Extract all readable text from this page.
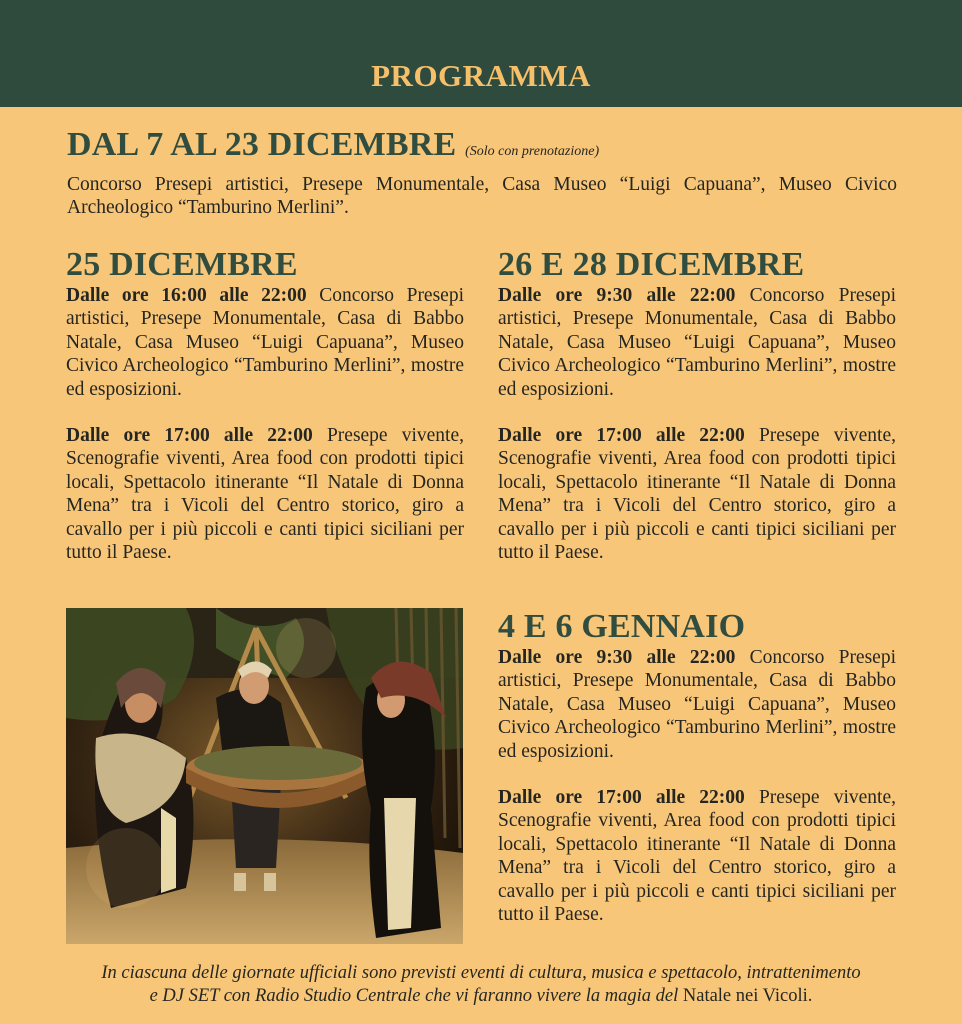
PROGRAMMA
DAL 7 AL 23 DICEMBRE (Solo con prenotazione)
Concorso Presepi artistici, Presepe Monumentale, Casa Museo “Luigi Capuana”, Museo Civico Archeologico “Tamburino Merlini”.
25 DICEMBRE
Dalle ore 16:00 alle 22:00 Concorso Presepi artistici, Presepe Monumentale, Casa di Babbo Natale, Casa Museo “Luigi Capuana”, Museo Civico Archeologico “Tamburino Merlini”, mostre ed esposizioni.
Dalle ore 17:00 alle 22:00 Presepe vivente, Scenografie viventi, Area food con prodotti tipici locali, Spettacolo itinerante “Il Natale di Donna Mena” tra i Vicoli del Centro storico, giro a cavallo per i più piccoli e canti tipici siciliani per tutto il Paese.
26 E 28 DICEMBRE
Dalle ore 9:30 alle 22:00 Concorso Presepi artistici, Presepe Monumentale, Casa di Babbo Natale, Casa Museo “Luigi Capuana”, Museo Civico Archeologico “Tamburino Merlini”, mostre ed esposizioni.
Dalle ore 17:00 alle 22:00 Presepe vivente, Scenografie viventi, Area food con prodotti tipici locali, Spettacolo itinerante “Il Natale di Donna Mena” tra i Vicoli del Centro storico, giro a cavallo per i più piccoli e canti tipici siciliani per tutto il Paese.
4 E 6 GENNAIO
Dalle ore 9:30 alle 22:00 Concorso Presepi artistici, Presepe Monumentale, Casa di Babbo Natale, Casa Museo “Luigi Capuana”, Museo Civico Archeologico “Tamburino Merlini”, mostre ed esposizioni.
Dalle ore 17:00 alle 22:00 Presepe vivente, Scenografie viventi, Area food con prodotti tipici locali, Spettacolo itinerante “Il Natale di Donna Mena” tra i Vicoli del Centro storico, giro a cavallo per i più piccoli e canti tipici siciliani per tutto il Paese.
In ciascuna delle giornate ufficiali sono previsti eventi di cultura, musica e spettacolo, intrattenimento
e DJ SET con Radio Studio Centrale che vi faranno vivere la magia del Natale nei Vicoli.
